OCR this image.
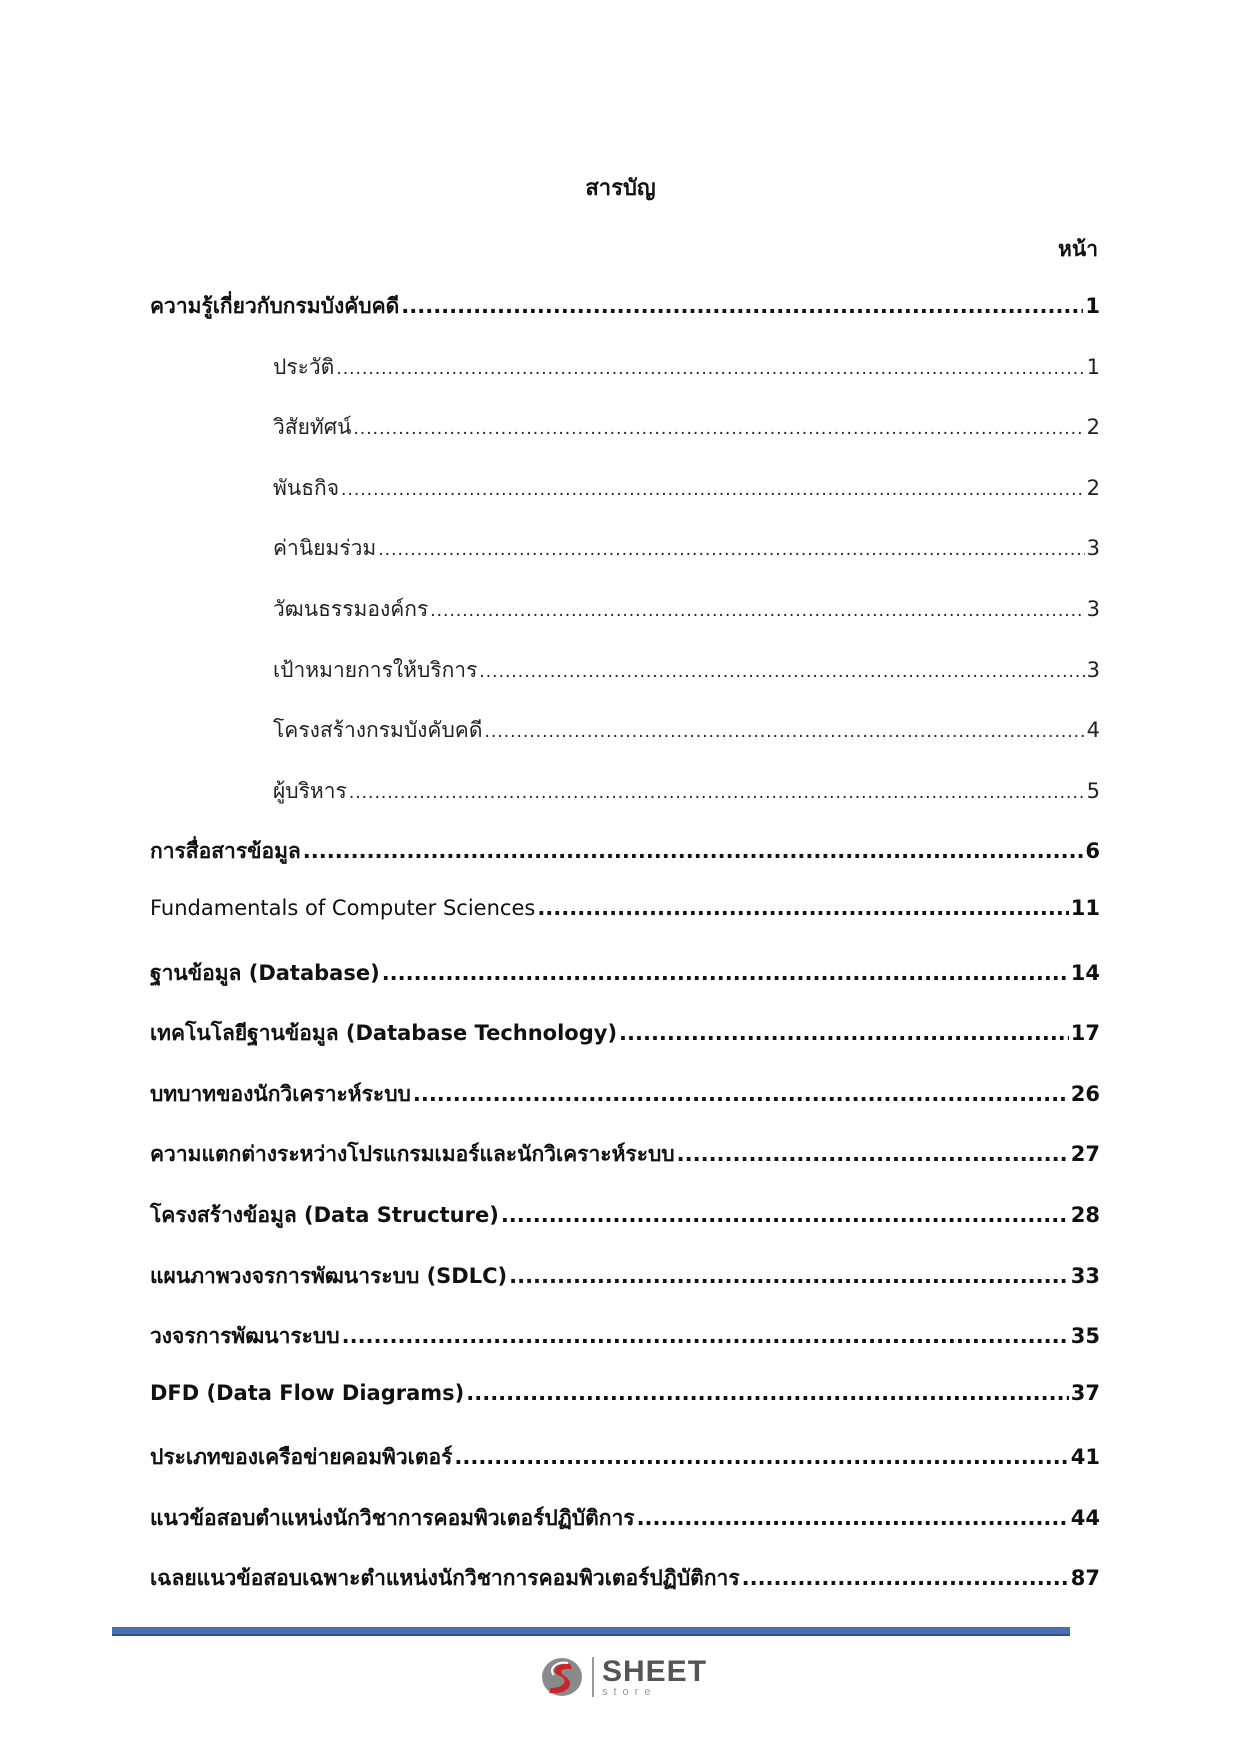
สารบัญ
หน้า
ความรู้เกี่ยวกับกรมบังคับคดี .....	1
ประวัติ .....	1
วิสัยทัศน์ .....	2
พันธกิจ .....	2
ค่านิยมร่วม .....	3
วัฒนธรรมองค์กร .....	3
เป้าหมายการให้บริการ .....	3
โครงสร้างกรมบังคับคดี .....	4
ผู้บริหาร .....	5
การสื่อสารข้อมูล .....	6
Fundamentals of Computer Sciences .....	11
ฐานข้อมูล (Database) .....	14
เทคโนโลยีฐานข้อมูล (Database Technology) .....	17
บทบาทของนักวิเคราะห์ระบบ .....	26
ความแตกต่างระหว่างโปรแกรมเมอร์และนักวิเคราะห์ระบบ .....	27
โครงสร้างข้อมูล (Data Structure) .....	28
แผนภาพวงจรการพัฒนาระบบ (SDLC) .....	33
วงจรการพัฒนาระบบ .....	35
DFD (Data Flow Diagrams) .....	37
ประเภทของเครือข่ายคอมพิวเตอร์ .....	41
แนวข้อสอบตำแหน่งนักวิชาการคอมพิวเตอร์ปฏิบัติการ .....	44
เฉลยแนวข้อสอบเฉพาะตำแหน่งนักวิชาการคอมพิวเตอร์ปฏิบัติการ .....	87
SHEET
store
